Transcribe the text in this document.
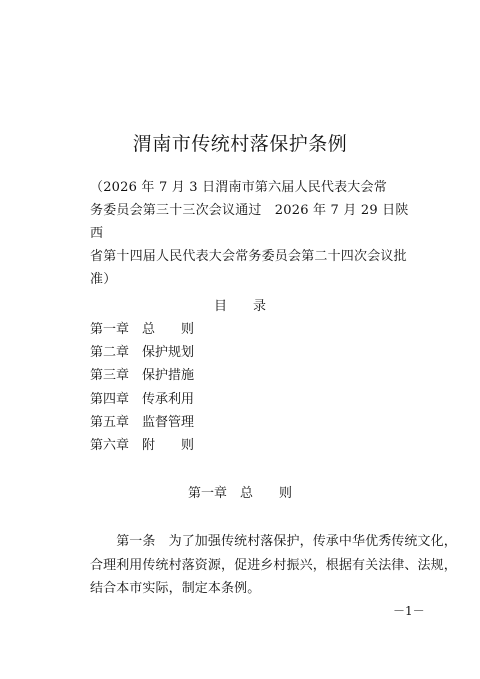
渭南市传统村落保护条例
（2026 年 7 月 3 日渭南市第六届人民代表大会常
务委员会第三十三次会议通过　2026 年 7 月 29 日陕西
省第十四届人民代表大会常务委员会第二十四次会议批
准）
目 录
第一章 总　　则
第二章 保护规划
第三章 保护措施
第四章 传承利用
第五章 监督管理
第六章 附　　则
第一章　总　　则
　　第一条　为了加强传统村落保护，传承中华优秀传统文化，
合理利用传统村落资源，促进乡村振兴，根据有关法律、法规，
结合本市实际，制定本条例。
－1－
